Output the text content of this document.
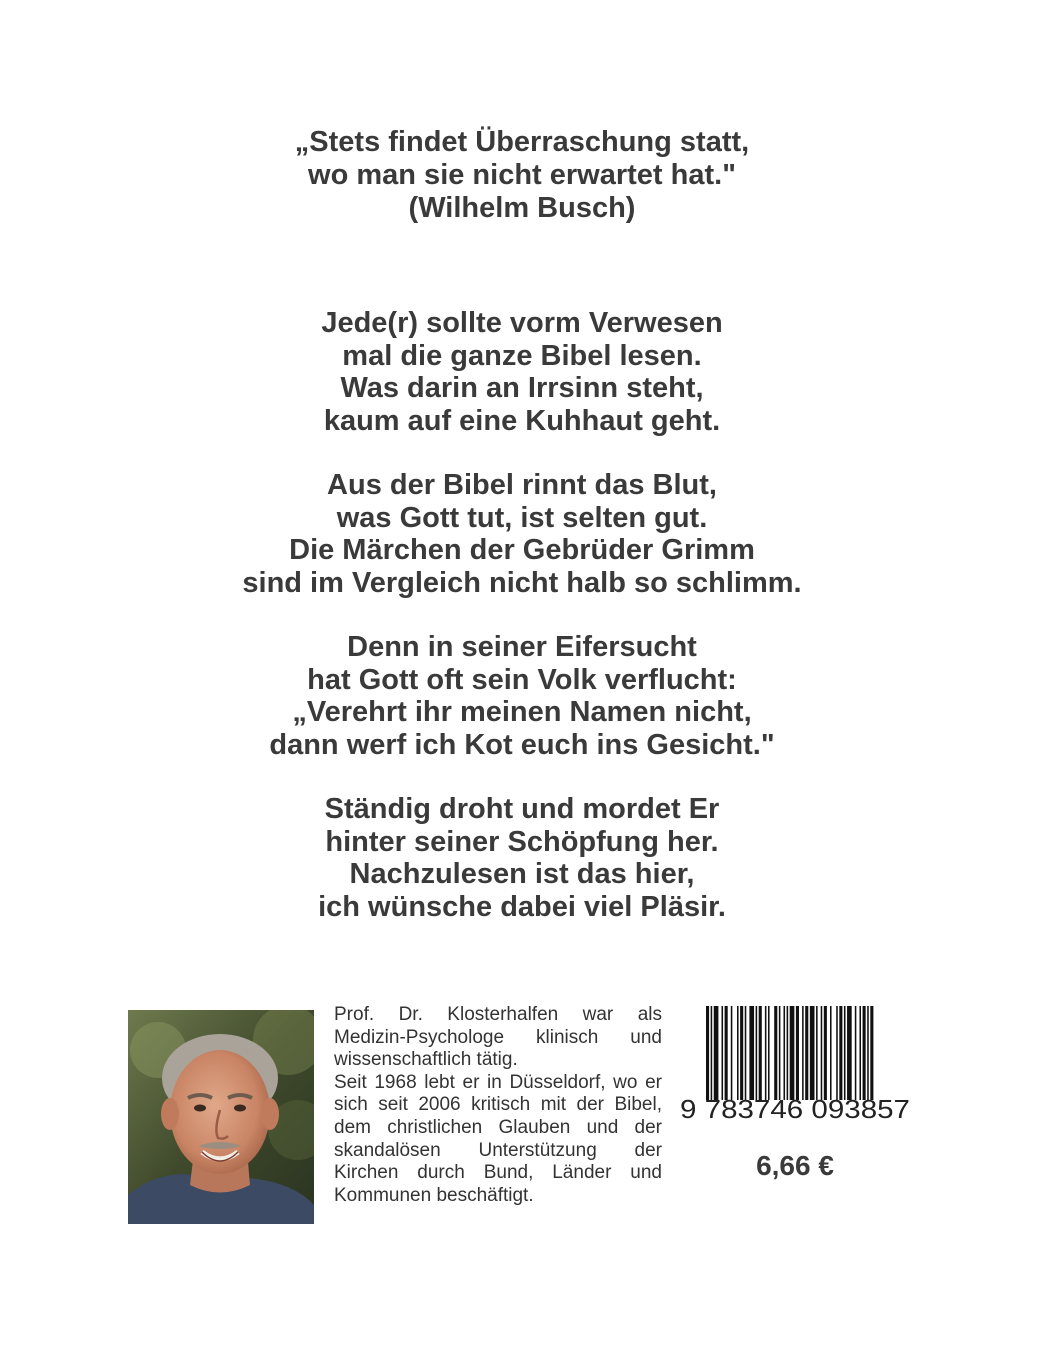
„Stets findet Überraschung statt,
wo man sie nicht erwartet hat."
(Wilhelm Busch)
Jede(r) sollte vorm Verwesen
mal die ganze Bibel lesen.
Was darin an Irrsinn steht,
kaum auf eine Kuhhaut geht.
Aus der Bibel rinnt das Blut,
was Gott tut, ist selten gut.
Die Märchen der Gebrüder Grimm
sind im Vergleich nicht halb so schlimm.
Denn in seiner Eifersucht
hat Gott oft sein Volk verflucht:
„Verehrt ihr meinen Namen nicht,
dann werf ich Kot euch ins Gesicht."
Ständig droht und mordet Er
hinter seiner Schöpfung her.
Nachzulesen ist das hier,
ich wünsche dabei viel Pläsir.

Prof. Dr. Klosterhalfen war als Medizin-Psychologe klinisch und wissenschaftlich tätig.

Seit 1968 lebt er in Düsseldorf, wo er sich seit 2006 kritisch mit der Bibel, dem christlichen Glauben und der skandalösen Unterstützung der Kirchen durch Bund, Länder und Kommunen beschäftigt.

9 783746 093857
6,66 €
